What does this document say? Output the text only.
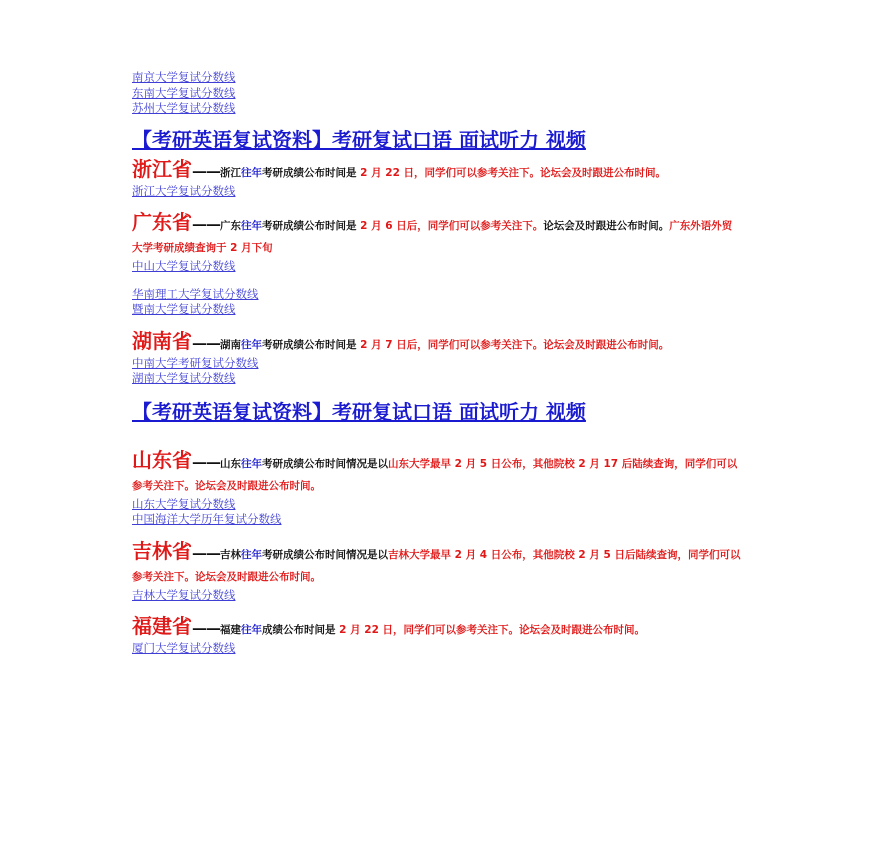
南京大学复试分数线
东南大学复试分数线
苏州大学复试分数线
【考研英语复试资料】考研复试口语 面试听力 视频
浙江省——浙江往年考研成绩公布时间是 2 月 22 日，同学们可以参考关注下。论坛会及时跟进公布时间。
浙江大学复试分数线
广东省——广东往年考研成绩公布时间是 2 月 6 日后，同学们可以参考关注下。论坛会及时跟进公布时间。广东外语外贸大学考研成绩查询于 2 月下旬
中山大学复试分数线
华南理工大学复试分数线
暨南大学复试分数线
湖南省——湖南往年考研成绩公布时间是 2 月 7 日后，同学们可以参考关注下。论坛会及时跟进公布时间。
中南大学考研复试分数线
湖南大学复试分数线
【考研英语复试资料】考研复试口语 面试听力 视频
山东省——山东往年考研成绩公布时间情况是以山东大学最早 2 月 5 日公布，其他院校 2 月 17 后陆续查询，同学们可以参考关注下。论坛会及时跟进公布时间。
山东大学复试分数线
中国海洋大学历年复试分数线
吉林省——吉林往年考研成绩公布时间情况是以吉林大学最早 2 月 4 日公布，其他院校 2 月 5 日后陆续查询，同学们可以参考关注下。论坛会及时跟进公布时间。
吉林大学复试分数线
福建省——福建往年成绩公布时间是 2 月 22 日，同学们可以参考关注下。论坛会及时跟进公布时间。
厦门大学复试分数线
